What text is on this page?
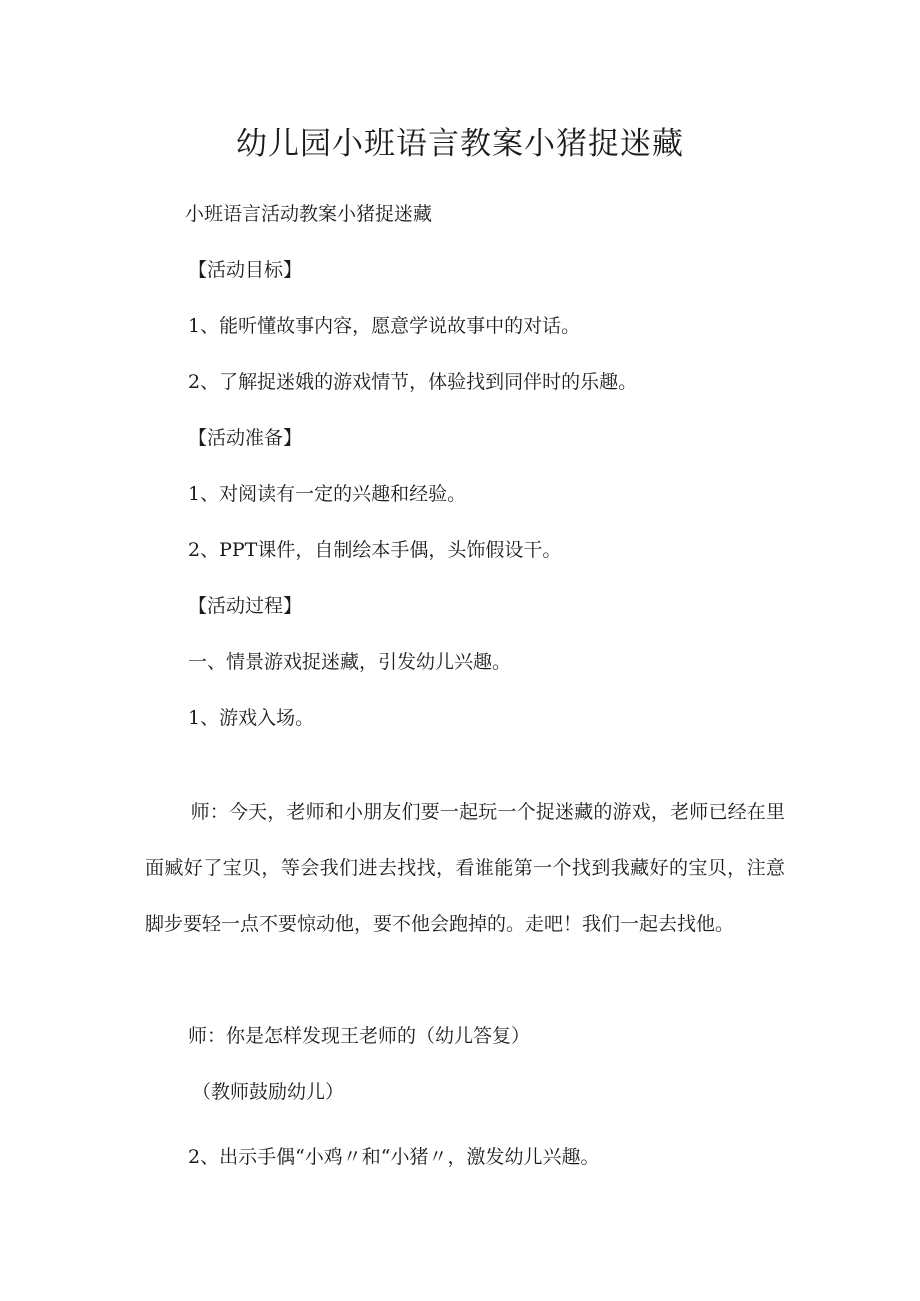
幼儿园小班语言教案小猪捉迷藏

小班语言活动教案小猪捉迷藏

【活动目标】

1、能听懂故事内容，愿意学说故事中的对话。

2、了解捉迷娥的游戏情节，体验找到同伴时的乐趣。

【活动准备】

1、对阅读有一定的兴趣和经验。

2、PPT课件，自制绘本手偶，头饰假设干。

【活动过程】

一、情景游戏捉迷藏，引发幼儿兴趣。

1、游戏入场。

师：今天，老师和小朋友们要一起玩一个捉迷藏的游戏，老师已经在里面臧好了宝贝，等会我们进去找找，看谁能第一个找到我藏好的宝贝，注意脚步要轻一点不要惊动他，要不他会跑掉的。走吧！我们一起去找他。

师：你是怎样发现王老师的（幼儿答复）

（教师鼓励幼儿）

2、出示手偶“小鸡〃和“小猪〃，激发幼儿兴趣。
